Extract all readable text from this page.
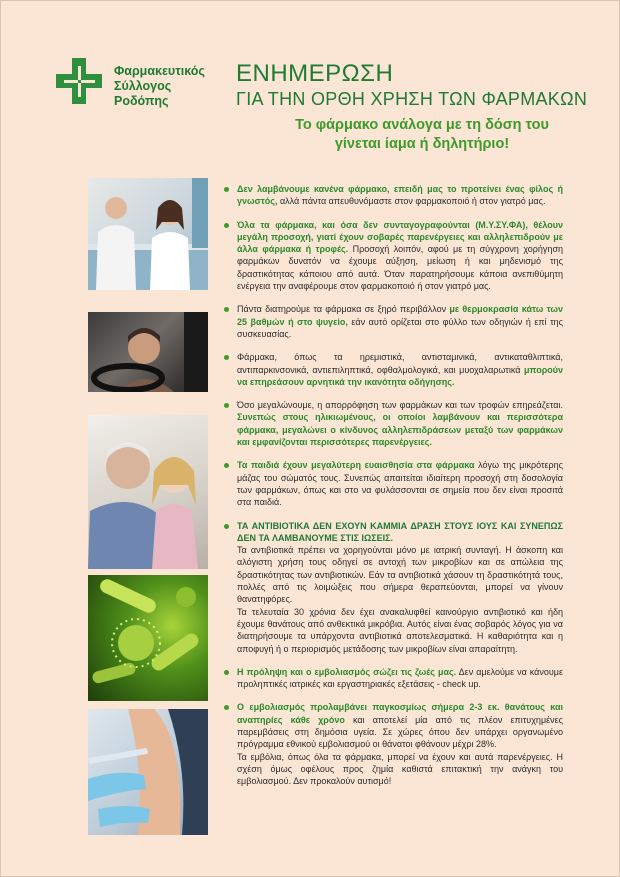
Φαρμακευτικός
Σύλλογος
Ροδόπης
ΕΝΗΜΕΡΩΣΗ
ΓΙΑ ΤΗΝ ΟΡΘΗ ΧΡΗΣΗ ΤΩΝ ΦΑΡΜΑΚΩΝ
Το φάρμακο ανάλογα με τη δόση του
γίνεται ίαμα ή δηλητήριο!
Δεν λαμβάνουμε κανένα φάρμακο, επειδή μας το προτείνει ένας φίλος ή γνωστός, αλλά πάντα απευθυνόμαστε στον φαρμακοποιό ή στον γιατρό μας.
Όλα τα φάρμακα, και όσα δεν συνταγογραφούνται (Μ.Υ.ΣΥ.ΦΑ), θέλουν μεγάλη προσοχή, γιατί έχουν σοβαρές παρενέργειες και αλληλεπιδρούν με άλλα φάρμακα ή τροφές. Προσοχή λοιπόν, αφού με τη σύγχρονη χορήγηση φαρμάκων δυνατόν να έχουμε αύξηση, μείωση ή και μηδενισμό της δραστικότητας κάποιου από αυτά. Όταν παρατηρήσουμε κάποια ανεπιθύμητη ενέργεια την αναφέρουμε στον φαρμακοποιό ή στον γιατρό μας.
Πάντα διατηρούμε τα φάρμακα σε ξηρό περιβάλλον με θερμοκρασία κάτω των 25 βαθμών ή στο ψυγείο, εάν αυτό ορίζεται στο φύλλο των οδηγιών ή επί της συσκευασίας.
Φάρμακα, όπως τα ηρεμιστικά, αντισταμινικά, αντικαταθλιπτικά, αντιπαρκινσονικά, αντιεπιληπτικά, οφθαλμολογικά, και μυοχαλαρωτικά μπορούν να επηρεάσουν αρνητικά την ικανότητα οδήγησης.
Όσο μεγαλώνουμε, η απορρόφηση των φαρμάκων και των τροφών επηρεάζεται. Συνεπώς στους ηλικιωμένους, οι οποίοι λαμβάνουν και περισσότερα φάρμακα, μεγαλώνει ο κίνδυνος αλληλεπιδράσεων μεταξύ των φαρμάκων και εμφανίζονται περισσότερες παρενέργειες.
Τα παιδιά έχουν μεγαλύτερη ευαισθησία στα φάρμακα λόγω της μικρότερης μάζας του σώματός τους. Συνεπώς απαιτείται ιδιαίτερη προσοχή στη δοσολογία των φαρμάκων, όπως και στο να φυλάσσονται σε σημεία που δεν είναι προσιτά στα παιδιά.
ΤΑ ΑΝΤΙΒΙΟΤΙΚΑ ΔΕΝ ΕΧΟΥΝ ΚΑΜΜΙΑ ΔΡΑΣΗ ΣΤΟΥΣ ΙΟΥΣ ΚΑΙ ΣΥΝΕΠΩΣ ΔΕΝ ΤΑ ΛΑΜΒΑΝΟΥΜΕ ΣΤΙΣ ΙΩΣΕΙΣ.
Τα αντιβιοτικά πρέπει να χορηγούνται μόνο με ιατρική συνταγή. Η άσκοπη και αλόγιστη χρήση τους οδηγεί σε αντοχή των μικροβίων και σε απώλεια της δραστικότητας των αντιβιοτικών. Εάν τα αντιβιοτικά χάσουν τη δραστικότητά τους, πολλές από τις λοιμώξεις που σήμερα θεραπεύονται, μπορεί να γίνουν θανατηφόρες.
Τα τελευταία 30 χρόνια δεν έχει ανακαλυφθεί καινούργιο αντιβιοτικό και ήδη έχουμε θανάτους από ανθεκτικά μικρόβια. Αυτός είναι ένας σοβαρός λόγος για να διατηρήσουμε τα υπάρχοντα αντιβιοτικά αποτελεσματικά. Η καθαριότητα και η αποφυγή ή ο περιορισμός μετάδοσης των μικροβίων είναι απαραίτητη.
Η πρόληψη και ο εμβολιασμός σώζει τις ζωές μας. Δεν αμελούμε να κάνουμε προληπτικές ιατρικές και εργαστηριακές εξετάσεις - check up.
Ο εμβολιασμός προλαμβάνει παγκοσμίως σήμερα 2-3 εκ. θανάτους και αναπηρίες κάθε χρόνο και αποτελεί μία από τις πλέον επιτυχημένες παρεμβάσεις στη δημόσια υγεία. Σε χώρες όπου δεν υπάρχει οργανωμένο πρόγραμμα εθνικού εμβολιασμού οι θάνατοι φθάνουν μέχρι 28%.
Τα εμβόλια, όπως όλα τα φάρμακα, μπορεί να έχουν και αυτά παρενέργειες. Η σχέση όμως οφέλους προς ζημία καθιστά επιτακτική την ανάγκη του εμβολιασμού. Δεν προκαλούν αυτισμό!
